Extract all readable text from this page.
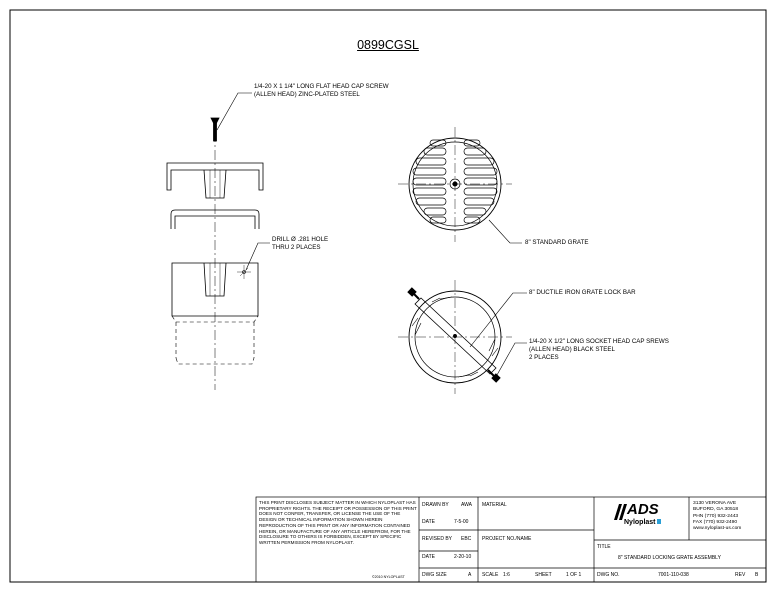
0899CGSL
1/4-20 X 1 1/4" LONG FLAT HEAD CAP SCREW
(ALLEN HEAD) ZINC-PLATED STEEL
DRILL Ø .281 HOLE
THRU 2 PLACES
8" STANDARD GRATE
8" DUCTILE IRON GRATE LOCK BAR
1/4-20 X 1/2" LONG SOCKET HEAD CAP SREWS
(ALLEN HEAD) BLACK STEEL
2 PLACES
THIS PRINT DISCLOSES SUBJECT MATTER IN WHICH NYLOPLAST HAS PROPRIETARY RIGHTS. THE RECEIPT OR POSSESSION OF THIS PRINT DOES NOT CONFER, TRANSFER, OR LICENSE THE USE OF THE DESIGN OR TECHNICAL INFORMATION SHOWN HEREIN REPRODUCTION OF THIS PRINT OR ANY INFORMATION CONTAINED HEREIN, OR MANUFACTURE OF ANY ARTICLE HEREFROM, FOR THE DISCLOSURE TO OTHERS IS FORBIDDEN, EXCEPT BY SPECIFIC WRITTEN PERMISSION FROM NYLOPLAST.
©2010 NYLOPLAST
DRAWN BY AWA
DATE	7-5-00
REVISED BY EBC
DATE	2-20-10
DWG SIZE	A
MATERIAL
PROJECT NO./NAME
SCALE 1:6	SHEET	1 OF 1
ADS
Nyloplast
3130 VERONA AVE
BUFORD, GA 30518
PHN (770) 932-2443
FAX (770) 932-2490
www.nyloplast-us.com
TITLE
8" STANDARD LOCKING GRATE ASSEMBLY
DWG NO.	7001-110-038	REV B
